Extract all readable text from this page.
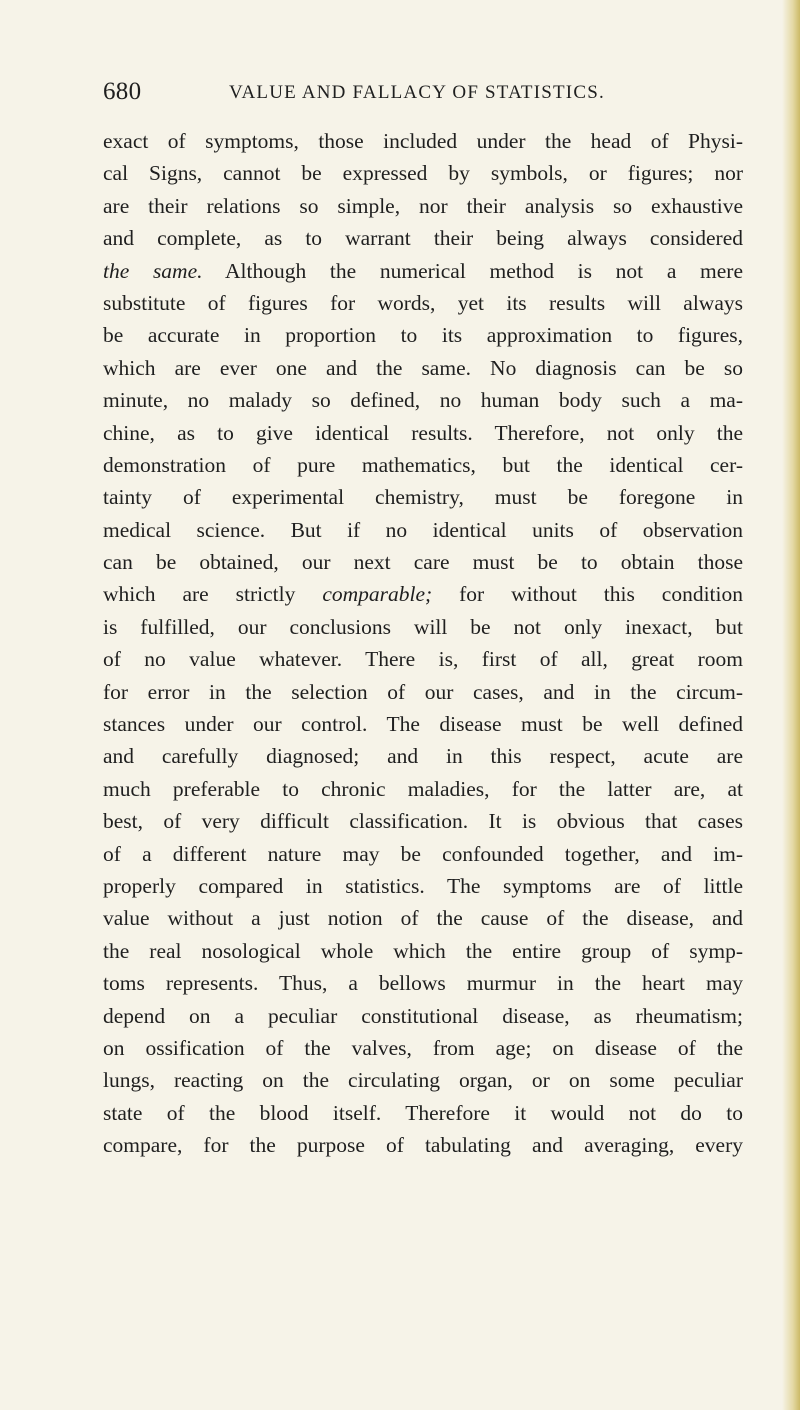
680	VALUE AND FALLACY OF STATISTICS.
exact of symptoms, those included under the head of Physi-
cal Signs, cannot be expressed by symbols, or figures; nor
are their relations so simple, nor their analysis so exhaustive
and complete, as to warrant their being always considered
the same. Although the numerical method is not a mere
substitute of figures for words, yet its results will always
be accurate in proportion to its approximation to figures,
which are ever one and the same. No diagnosis can be so
minute, no malady so defined, no human body such a ma-
chine, as to give identical results. Therefore, not only the
demonstration of pure mathematics, but the identical cer-
tainty of experimental chemistry, must be foregone in
medical science. But if no identical units of observation
can be obtained, our next care must be to obtain those
which are strictly comparable; for without this condition
is fulfilled, our conclusions will be not only inexact, but
of no value whatever. There is, first of all, great room
for error in the selection of our cases, and in the circum-
stances under our control. The disease must be well defined
and carefully diagnosed; and in this respect, acute are
much preferable to chronic maladies, for the latter are, at
best, of very difficult classification. It is obvious that cases
of a different nature may be confounded together, and im-
properly compared in statistics. The symptoms are of little
value without a just notion of the cause of the disease, and
the real nosological whole which the entire group of symp-
toms represents. Thus, a bellows murmur in the heart may
depend on a peculiar constitutional disease, as rheumatism;
on ossification of the valves, from age; on disease of the
lungs, reacting on the circulating organ, or on some peculiar
state of the blood itself. Therefore it would not do to
compare, for the purpose of tabulating and averaging, every
